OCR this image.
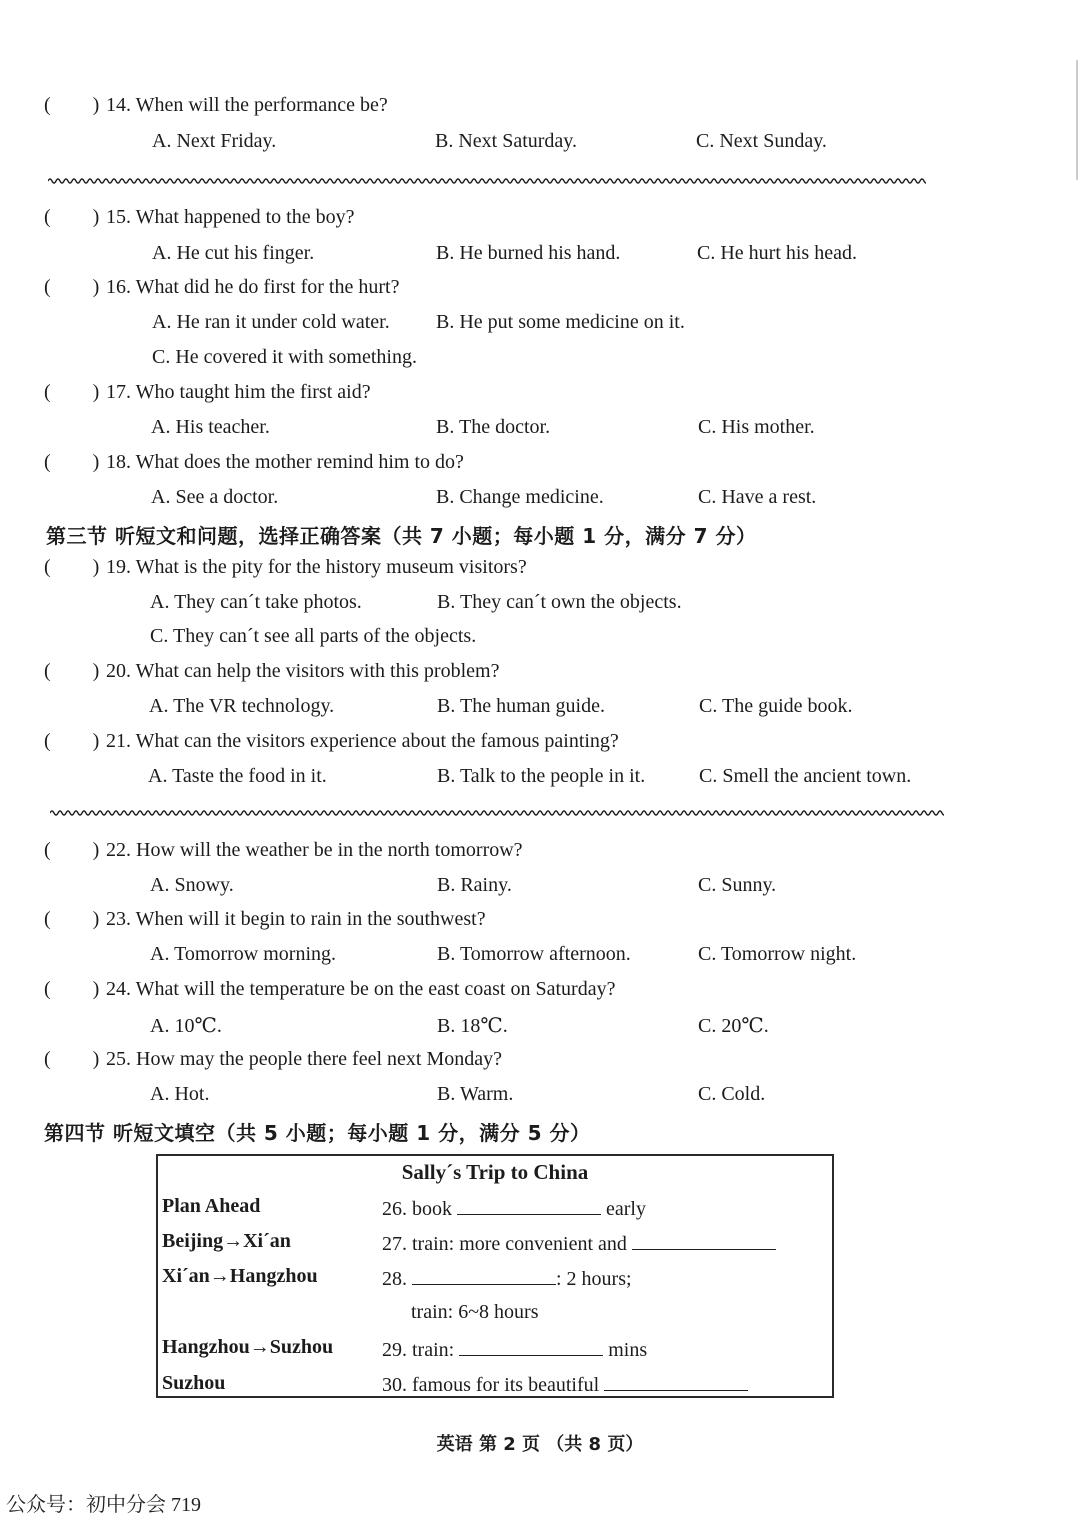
( ) 14. When will the performance be?
A. Next Friday.	B. Next Saturday.	C. Next Sunday.
( ) 15. What happened to the boy?
A. He cut his finger.	B. He burned his hand.	C. He hurt his head.
( ) 16. What did he do first for the hurt?
A. He ran it under cold water. B. He put some medicine on it.
C. He covered it with something.
( ) 17. Who taught him the first aid?
A. His teacher.	B. The doctor.	C. His mother.
( ) 18. What does the mother remind him to do?
A. See a doctor.	B. Change medicine.	C. Have a rest.
第三节 听短文和问题，选择正确答案（共 7 小题；每小题 1 分，满分 7 分）
( ) 19. What is the pity for the history museum visitors?
A. They can´t take photos.	B. They can´t own the objects.
C. They can´t see all parts of the objects.
( ) 20. What can help the visitors with this problem?
A. The VR technology.	B. The human guide.	C. The guide book.
( ) 21. What can the visitors experience about the famous painting?
A. Taste the food in it.	B. Talk to the people in it.	C. Smell the ancient town.
( ) 22. How will the weather be in the north tomorrow?
A. Snowy.	B. Rainy.	C. Sunny.
( ) 23. When will it begin to rain in the southwest?
A. Tomorrow morning.	B. Tomorrow afternoon.	C. Tomorrow night.
( ) 24. What will the temperature be on the east coast on Saturday?
A. 10℃.	B. 18℃.	C. 20℃.
( ) 25. How may the people there feel next Monday?
A. Hot.	B. Warm.	C. Cold.
第四节 听短文填空（共 5 小题；每小题 1 分，满分 5 分）
Sally´s Trip to China
Plan Ahead	26. book	early
Beijing→Xi´an	27. train: more convenient and
Xi´an→Hangzhou	28.	: 2 hours;
train: 6~8 hours
Hangzhou→Suzhou 29. train:	mins
Suzhou	30. famous for its beautiful
英语 第 2 页 （共 8 页）
公众号：初中分会 719
